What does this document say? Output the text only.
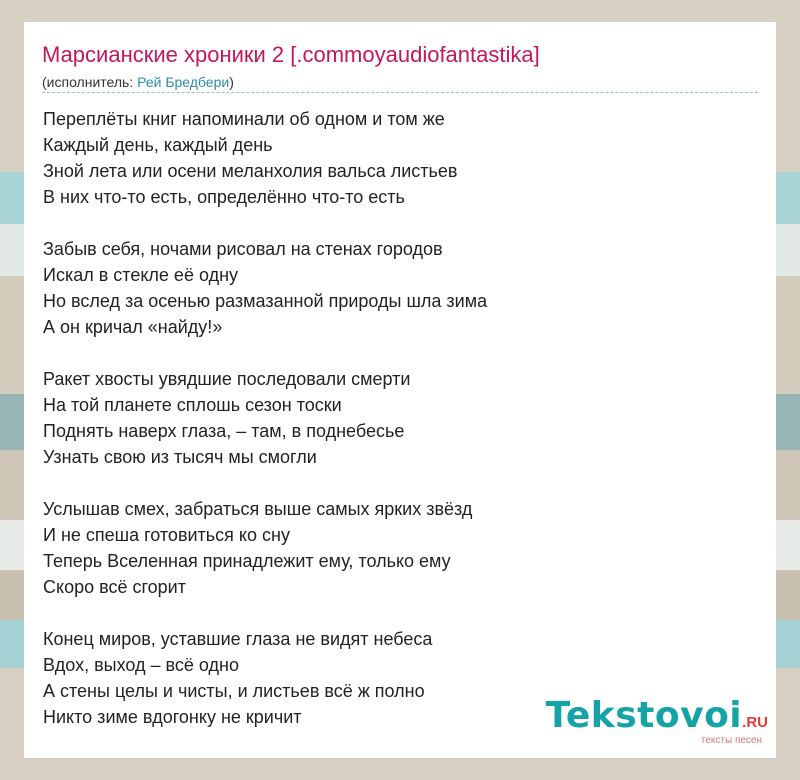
Марсианские хроники 2 [.commoyaudiofantastika]
(исполнитель: Рей Бредбери)
Переплёты книг напоминали об одном и том же
Каждый день, каждый день
Зной лета или осени меланхолия вальса листьев
В них что-то есть, определённо что-то есть
Забыв себя, ночами рисовал на стенах городов
Искал в стекле её одну
Но вслед за осенью размазанной природы шла зима
А он кричал «найду!»
Ракет хвосты увядшие последовали смерти
На той планете сплошь сезон тоски
Поднять наверх глаза, – там, в поднебесье
Узнать свою из тысяч мы смогли
Услышав смех, забраться выше самых ярких звёзд
И не спеша готовиться ко сну
Теперь Вселенная принадлежит ему, только ему
Скоро всё сгорит
Конец миров, уставшие глаза не видят небеса
Вдох, выход – всё одно
А стены целы и чисты, и листьев всё ж полно
Никто зиме вдогонку не кричит	Tekstovoi.RU
тексты песен
